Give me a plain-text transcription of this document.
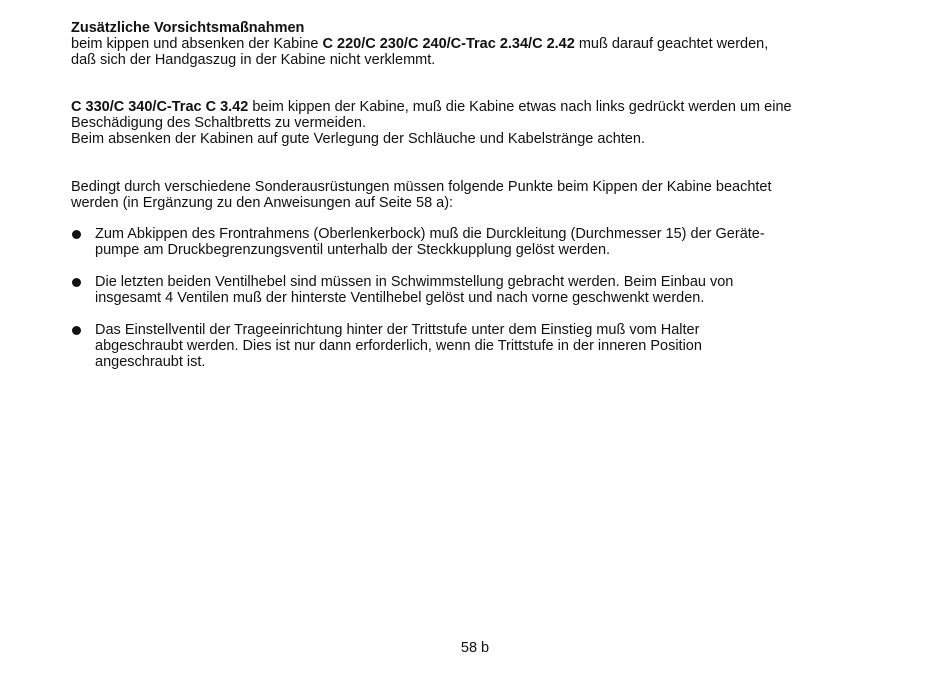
Zusätzliche Vorsichtsmaßnahmen
beim kippen und absenken der Kabine C 220/C 230/C 240/C-Trac 2.34/C 2.42 muß darauf geachtet werden,
daß sich der Handgaszug in der Kabine nicht verklemmt.
C 330/C 340/C-Trac C 3.42 beim kippen der Kabine, muß die Kabine etwas nach links gedrückt werden um eine
Beschädigung des Schaltbretts zu vermeiden.
Beim absenken der Kabinen auf gute Verlegung der Schläuche und Kabelstränge achten.
Bedingt durch verschiedene Sonderausrüstungen müssen folgende Punkte beim Kippen der Kabine beachtet
werden (in Ergänzung zu den Anweisungen auf Seite 58 a):
Zum Abkippen des Frontrahmens (Oberlenkerbock) muß die Durckleitung (Durchmesser 15) der Geräte-
pumpe am Druckbegrenzungsventil unterhalb der Steckkupplung gelöst werden.
Die letzten beiden Ventilhebel sind müssen in Schwimmstellung gebracht werden. Beim Einbau von
insgesamt 4 Ventilen muß der hinterste Ventilhebel gelöst und nach vorne geschwenkt werden.
Das Einstellventil der Trageeinrichtung hinter der Trittstufe unter dem Einstieg muß vom Halter
abgeschraubt werden. Dies ist nur dann erforderlich, wenn die Trittstufe in der inneren Position
angeschraubt ist.
58 b
